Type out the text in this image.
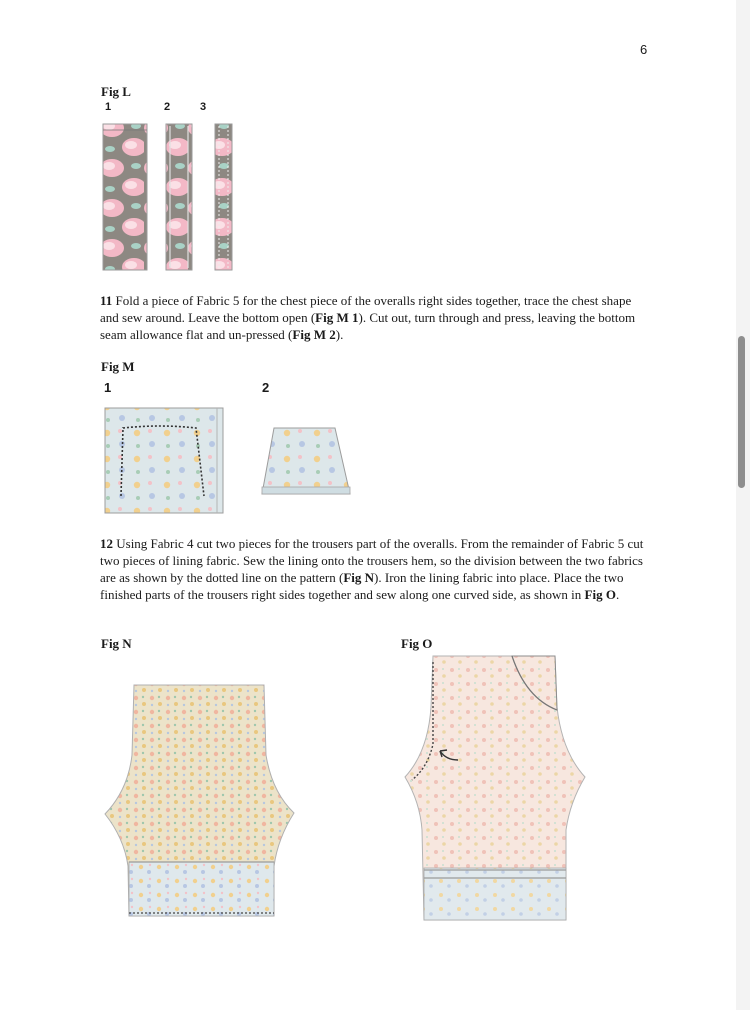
6
Fig L
1	2	3
11 Fold a piece of Fabric 5 for the chest piece of the overalls right sides together, trace the chest shape and sew around. Leave the bottom open (Fig M 1). Cut out, turn through and press, leaving the bottom seam allowance flat and un-pressed (Fig M 2).
Fig M
1	2
12 Using Fabric 4 cut two pieces for the trousers part of the overalls. From the remainder of Fabric 5 cut two pieces of lining fabric. Sew the lining onto the trousers hem, so the division between the two fabrics are as shown by the dotted line on the pattern (Fig N). Iron the lining fabric into place. Place the two finished parts of the trousers right sides together and sew along one curved side, as shown in Fig O.
Fig N	Fig O
